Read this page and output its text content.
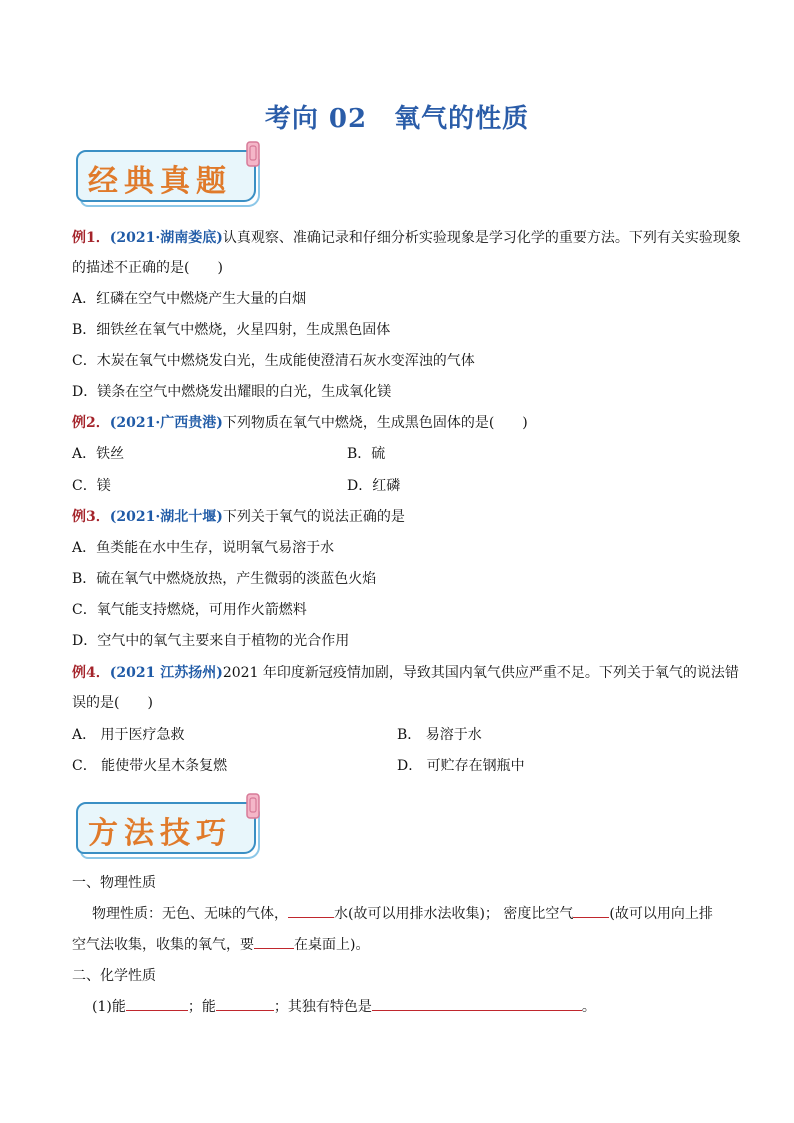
考向 02　氧气的性质
经典真题
例1．(2021·湖南娄底)认真观察、准确记录和仔细分析实验现象是学习化学的重要方法。下列有关实验现象
的描述不正确的是(　　)
A．红磷在空气中燃烧产生大量的白烟
B．细铁丝在氧气中燃烧，火星四射，生成黑色固体
C．木炭在氧气中燃烧发白光，生成能使澄清石灰水变浑浊的气体
D．镁条在空气中燃烧发出耀眼的白光，生成氧化镁
例2．(2021·广西贵港)下列物质在氧气中燃烧，生成黑色固体的是(　　)
A．铁丝	B．硫
C．镁	D．红磷
例3．(2021·湖北十堰)下列关于氧气的说法正确的是
A．鱼类能在水中生存，说明氧气易溶于水
B．硫在氧气中燃烧放热，产生微弱的淡蓝色火焰
C．氧气能支持燃烧，可用作火箭燃料
D．空气中的氧气主要来自于植物的光合作用
例4．(2021 江苏扬州)2021 年印度新冠疫情加剧，导致其国内氧气供应严重不足。下列关于氧气的说法错
误的是(　　)
A． 用于医疗急救	B． 易溶于水
C． 能使带火星木条复燃	D． 可贮存在钢瓶中
方法技巧
一、物理性质
物理性质：无色、无味的气体，	水(故可以用排水法收集)； 密度比空气	(故可以用向上排
空气法收集，收集的氧气，要	在桌面上)。
二、化学性质
(1)能	；能	；其独有特色是	。
